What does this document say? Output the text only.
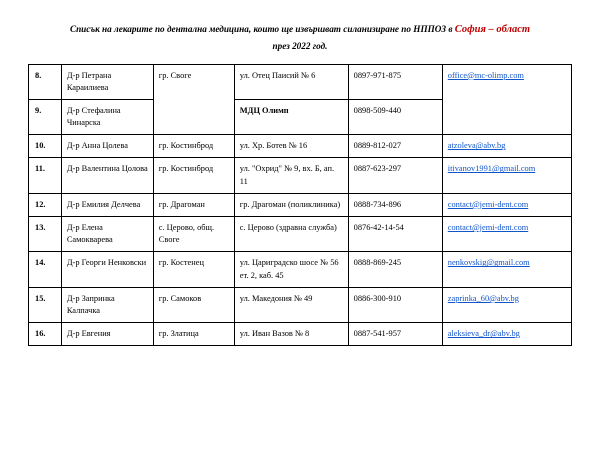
Списък на лекарите по дентална медицина, които ще извършват силанизиране по НППОЗ в София – област
през 2022 год.
8.	Д-р Петрана Караилиева	гр. Своге	ул. Отец Паисий № 6	0897-971-875	office@mc-olimp.com
9.	Д-р Стефалина Чинарска		МДЦ Олимп	0898-509-440	
10.	Д-р Анна Цолева	гр. Костинброд	ул. Хр. Ботев № 16	0889-812-027	atzoleva@abv.bg
11.	Д-р Валентина Цолова	гр. Костинброд	ул. "Охрид" № 9, вх. Б, ап. 11	0887-623-297	itivanov1991@gmail.com
12.	Д-р Емилия Делчева	гр. Драгоман	гр. Драгоман (поликлиника)	0888-734-896	contact@jemi-dent.com
13.	Д-р Елена Самокварева	с. Церово, общ. Своге	с. Церово (здравна служба)	0876-42-14-54	contact@jemi-dent.com
14.	Д-р Георги Ненковски	гр. Костенец	ул. Царигрaдско шосе № 56 ет. 2, каб. 45	0888-869-245	nenkovskig@gmail.com
15.	Д-р Запринка Калпачка	гр. Самоков	ул. Македония № 49	0886-300-910	zaprinka_60@abv.bg
16.	Д-р Евгения	гр. Златица	ул. Иван Вазов № 8	0887-541-957	aleksieva_dr@abv.bg
